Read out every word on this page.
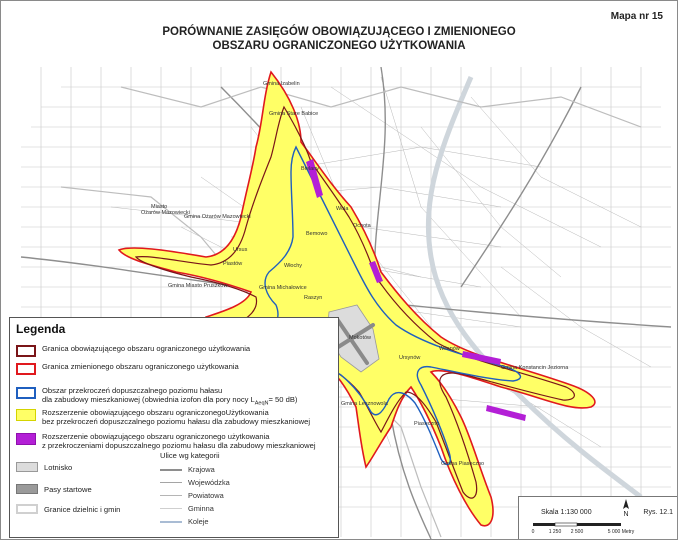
Mapa nr 15
PORÓWNANIE ZASIĘGÓW OBOWIĄZUJĄCEGO I ZMIENIONEGO
OBSZARU OGRANICZONEGO UŻYTKOWANIA
Gmina Izabelin
Gmina Stare Babice
Bielany
Bemowo
Wola
Ochota
Miasto
Ożarów Mazowiecki
Gmina Ożarów Mazowiecki
Włochy
Ursus
Piastów
Gmina Miasto Pruszków	Gmina Michałowice
Raszyn
Wilanów
Gmina Konstancin Jeziorna
Gmina Lesznowola
Piaseczno
Gmina Piaseczno
Mokotów
Ursynów
Legenda
Granica obowiązującego obszaru ograniczonego użytkowania
Granica zmienionego obszaru ograniczonego użytkowania
Obszar przekroczeń dopuszczalnego poziomu hałasu
dla zabudowy mieszkaniowej (obwiednia izofon dla pory nocy $L_{AeqN}= 50$ dB)
Rozszerzenie obowiązującego obszaru ograniczonegoUżytkowania
bez przekroczeń dopuszczalnego poziomu hałasu dla zabudowy mieszkaniowej
Rozszerzenie obowiązującego obszaru ograniczonego użytkowania
z przekroczeniami dopuszczalnego poziomu hałasu dla zabudowy mieszkaniowej
Lotnisko
Pasy startowe
Granice dzielnic i gmin
Ulice wg kategorii
Krajowa
Wojewódzka
Powiatowa
Gminna
Koleje
N
Skala 1:130 000	Rys. 12.1
0	1 250 2 500	5 000 Metry
